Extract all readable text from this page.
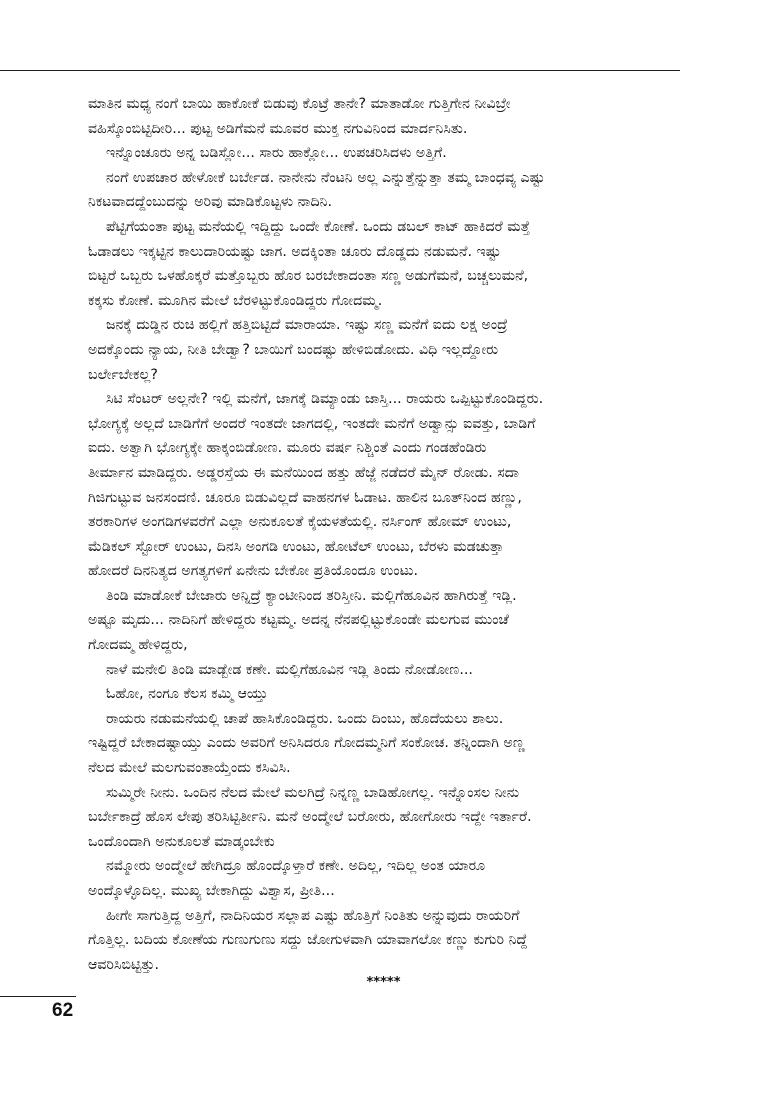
ಮಾತಿನ ಮಧ್ಯ ನಂಗೆ ಬಾಯಿ ಹಾಕೋಕೆ ಬಿಡುವು ಕೊಟ್ರೆ ತಾನೇ? ಮಾತಾಡೋ ಗುತ್ತಿಗೇನ ನೀವಿಬ್ರೇ
ವಹಿಸ್ಕೊಂಬಿಟ್ಟಿದೀರಿ... ಪುಟ್ಟ ಅಡಿಗೆಮನೆ ಮೂವರ ಮುಕ್ತ ನಗುವಿನಿಂದ ಮಾರ್ದನಿಸಿತು.
ಇನ್ನೊಂಚೂರು ಅನ್ನ ಬಡಿಸ್ಲೋ... ಸಾರು ಹಾಕ್ಲೋ... ಉಪಚರಿಸಿದಳು ಅತ್ತಿಗೆ.
ನಂಗೆ ಉಪಚಾರ ಹೇಳೋಕೆ ಬರ್ಬೇಡ. ನಾನೇನು ನೆಂಟನಿ ಅಲ್ಲ ಎನ್ನುತ್ತೆನ್ನುತ್ತಾ ತಮ್ಮ ಬಾಂಧವ್ಯ ಎಷ್ಟು
ನಿಕಟವಾದದ್ದೆಂಬುದನ್ನು ಅರಿವು ಮಾಡಿಕೊಟ್ಟಳು ನಾದಿನಿ.
ಪೆಟ್ಟಿಗೆಯಂತಾ ಪುಟ್ಟ ಮನೆಯಲ್ಲಿ ಇದ್ದಿದ್ದು ಒಂದೇ ಕೋಣೆ. ಒಂದು ಡಬಲ್ ಕಾಟ್ ಹಾಕಿದರೆ ಮತ್ತೆ
ಓಡಾಡಲು ಇಕ್ಕಟ್ಟಿನ ಕಾಲುದಾರಿಯಷ್ಟು ಜಾಗ. ಅದಕ್ಕಿಂತಾ ಚೂರು ದೊಡ್ಡದು ನಡುಮನೆ. ಇಷ್ಟು
ಬಿಟ್ಟರೆ ಒಬ್ಬರು ಒಳಹೊಕ್ಕರೆ ಮತ್ತೊಬ್ಬರು ಹೊರ ಬರಬೇಕಾದಂತಾ ಸಣ್ಣ ಅಡುಗೆಮನೆ, ಬಚ್ಚಲುಮನೆ,
ಕಕ್ಕಸು ಕೋಣೆ. ಮೂಗಿನ ಮೇಲೆ ಬೆರಳಿಟ್ಟುಕೊಂಡಿದ್ದರು ಗೋದಮ್ಮ.
ಜನಕ್ಕೆ ದುಡ್ಡಿನ ರುಚಿ ಹಲ್ಲಿಗೆ ಹತ್ತಿಬಿಟ್ಟಿದೆ ಮಾರಾಯಾ. ಇಷ್ಟು ಸಣ್ಣ ಮನೆಗೆ ಐದು ಲಕ್ಷ ಅಂದ್ರೆ
ಅದಕ್ಕೊಂದು ನ್ಯಾಯ, ನೀತಿ ಬೇಡ್ವಾ? ಬಾಯಿಗೆ ಬಂದಷ್ಟು ಹೇಳಿಬಿಡೋದು. ವಿಧಿ ಇಲ್ಲದ್ದೋರು
ಬರ್ಲೇಬೇಕಲ್ಲ?
ಸಿಟಿ ಸೆಂಟರ್ ಅಲ್ಲನೇ? ಇಲ್ಲಿ ಮನೆಗೆ, ಜಾಗಕ್ಕೆ ಡಿಮ್ಯಾಂಡು ಜಾಸ್ತಿ... ರಾಯರು ಒಪ್ಪಿಟ್ಟುಕೊಂಡಿದ್ದರು.
ಭೋಗ್ಯಕ್ಕೆ ಅಲ್ಲದೆ ಬಾಡಿಗೆಗೆ ಅಂದರೆ ಇಂತದೇ ಜಾಗದಲ್ಲಿ, ಇಂತದೇ ಮನೆಗೆ ಅಡ್ವಾನ್ಸು ಐವತ್ತು, ಬಾಡಿಗೆ
ಐದು. ಅತ್ವಾಗಿ ಭೋಗ್ಯಕ್ಕೇ ಹಾಕ್ಕಂಬಿಡೋಣ. ಮೂರು ವರ್ಷ ನಿಶ್ಚಿಂತೆ ಎಂದು ಗಂಡಹೆಂಡಿರು
ತೀರ್ಮಾನ ಮಾಡಿದ್ದರು. ಅಡ್ಡರಸ್ತೆಯ ಈ ಮನೆಯಿಂದ ಹತ್ತು ಹೆಜ್ಜೆ ನಡೆದರೆ ಮೈನ್ ರೋಡು. ಸದಾ
ಗಿಜಿಗುಟ್ಟುವ ಜನಸಂದಣಿ. ಚೂರೂ ಬಿಡುವಿಲ್ಲದೆ ವಾಹನಗಳ ಓಡಾಟ. ಹಾಲಿನ ಬೂತ್‌ನಿಂದ ಹಣ್ಣು,
ತರಕಾರಿಗಳ ಅಂಗಡಿಗಳವರೆಗೆ ಎಲ್ಲಾ ಅನುಕೂಲತೆ ಕೈಯಳತೆಯಲ್ಲಿ. ನರ್ಸಿಂಗ್ ಹೋಮ್ ಉಂಟು,
ಮೆಡಿಕಲ್ ಸ್ಟೋರ್ ಉಂಟು, ದಿನಸಿ ಅಂಗಡಿ ಉಂಟು, ಹೋಟೆಲ್ ಉಂಟು, ಬೆರಳು ಮಡಚುತ್ತಾ
ಹೋದರೆ ದಿನನಿತ್ಯದ ಅಗತ್ಯಗಳಿಗೆ ಏನೇನು ಬೇಕೋ ಪ್ರತಿಯೊಂದೂ ಉಂಟು.
ತಿಂಡಿ ಮಾಡೋಕೆ ಬೇಜಾರು ಅನ್ನಿದ್ರೆ ಕ್ಯಾಂಟೀನಿಂದ ತರಿಸ್ತೀನಿ. ಮಲ್ಲಿಗೆಹೂವಿನ ಹಾಗಿರುತ್ತೆ ಇಡ್ಲಿ.
ಅಷ್ಟೂ ಮೃದು... ನಾದಿನಿಗೆ ಹೇಳಿದ್ದರು ಕಟ್ಟಮ್ಮ. ಅದನ್ನ ನೆನಪಲ್ಲಿಟ್ಟುಕೊಂಡೇ ಮಲಗುವ ಮುಂಚೆ
ಗೋದಮ್ಮ ಹೇಳಿದ್ದರು,
ನಾಳೆ ಮನೇಲಿ ತಿಂಡಿ ಮಾಡ್ಬೇಡ ಕಣೇ. ಮಲ್ಲಿಗೆಹೂವಿನ ಇಡ್ಲಿ ತಿಂದು ನೋಡೋಣ...
ಓಹೋ, ನಂಗೂ ಕೆಲಸ ಕಮ್ಮಿ ಆಯ್ತು
ರಾಯರು ನಡುಮನೆಯಲ್ಲಿ ಚಾಪೆ ಹಾಸಿಕೊಂಡಿದ್ದರು. ಒಂದು ದಿಂಬು, ಹೊದೆಯಲು ಶಾಲು.
ಇಷ್ಟಿದ್ದರೆ ಬೇಕಾದಷ್ಟಾಯ್ತು ಎಂದು ಅವರಿಗೆ ಅನಿಸಿದರೂ ಗೋದಮ್ಮನಿಗೆ ಸಂಕೋಚ. ತನ್ನಿಂದಾಗಿ ಅಣ್ಣ
ನೆಲದ ಮೇಲೆ ಮಲಗುವಂತಾಯ್ತೆಂದು ಕಸಿವಿಸಿ.
ಸುಮ್ಮಿರೇ ನೀನು. ಒಂದಿನ ನೆಲದ ಮೇಲೆ ಮಲಗಿದ್ರೆ ನಿನ್ನಣ್ಣ ಬಾಡಿಹೋಗಲ್ಲ. ಇನ್ನೊಂಸಲ ನೀನು
ಬರ್ಬೇಕಾದ್ರೆ ಹೊಸ ಲೇಪು ತರಿಸಿಟ್ಟಿರ್ತೀನಿ. ಮನೆ ಅಂದ್ಮೇಲೆ ಬರೋರು, ಹೋಗೋರು ಇದ್ದೇ ಇರ್ತಾರೆ.
ಒಂದೊಂದಾಗಿ ಅನುಕೂಲತೆ ಮಾಡ್ಕಂಬೇಕು
ನಮ್ಮೋರು ಅಂದ್ಮೇಲೆ ಹೇಗಿದ್ರೂ ಹೊಂದ್ಕೊಳ್ತಾರೆ ಕಣೇ. ಅದಿಲ್ಲ, ಇದಿಲ್ಲ ಅಂತ ಯಾರೂ
ಅಂದ್ಕೊಳ್ಳೊದಿಲ್ಲ. ಮುಖ್ಯ ಬೇಕಾಗಿದ್ದು ವಿಶ್ವಾಸ, ಪ್ರೀತಿ...
ಹೀಗೇ ಸಾಗುತ್ತಿದ್ದ ಅತ್ತಿಗೆ, ನಾದಿನಿಯರ ಸಲ್ಲಾಪ ಎಷ್ಟು ಹೊತ್ತಿಗೆ ನಿಂತಿತು ಅನ್ನುವುದು ರಾಯರಿಗೆ
ಗೊತ್ತಿಲ್ಲ. ಬದಿಯ ಕೋಣೆಯ ಗುಣುಗುಣು ಸದ್ದು ಜೋಗುಳವಾಗಿ ಯಾವಾಗಲೋ ಕಣ್ಣು ಕುಗುರಿ ನಿದ್ದೆ
ಆವರಿಸಿಬಿಟ್ಟಿತ್ತು.
*****
62
